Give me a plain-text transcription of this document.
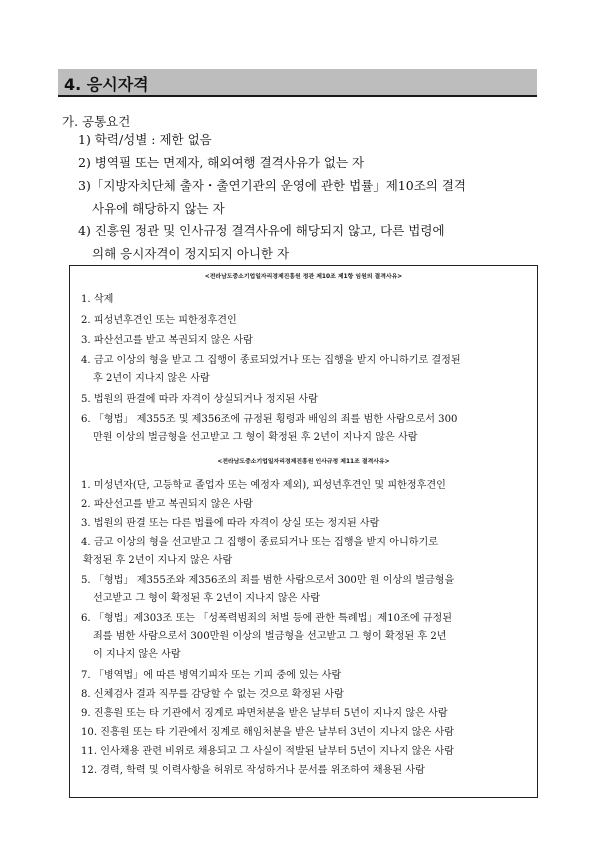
4. 응시자격
가. 공통요건
1) 학력/성별 : 제한 없음
2) 병역필 또는 면제자, 해외여행 결격사유가 없는 자
3)「지방자치단체 출자・출연기관의 운영에 관한 법률」제10조의 결격
사유에 해당하지 않는 자
4) 진흥원 정관 및 인사규정 결격사유에 해당되지 않고, 다른 법령에
의해 응시자격이 정지되지 아니한 자
<전라남도중소기업일자리경제진흥원 정관 제10조 제1항 임원의 결격사유>
1. 삭제
2. 피성년후견인 또는 피한정후견인
3. 파산선고를 받고 복권되지 않은 사람
4. 금고 이상의 형을 받고 그 집행이 종료되었거나 또는 집행을 받지 아니하기로 결정된
후 2년이 지나지 않은 사람
5. 법원의 판결에 따라 자격이 상실되거나 정지된 사람
6. 「형법」 제355조 및 제356조에 규정된 횡령과 배임의 죄를 범한 사람으로서 300
만원 이상의 벌금형을 선고받고 그 형이 확정된 후 2년이 지나지 않은 사람
<전라남도중소기업일자리경제진흥원 인사규정 제11조 결격사유>
1. 미성년자(단, 고등학교 졸업자 또는 예정자 제외), 피성년후견인 및 피한정후견인
2. 파산선고를 받고 복권되지 않은 사람
3. 법원의 판결 또는 다른 법률에 따라 자격이 상실 또는 정지된 사람
4. 금고 이상의 형을 선고받고 그 집행이 종료되거나 또는 집행을 받지 아니하기로
확정된 후 2년이 지나지 않은 사람
5. 「형법」 제355조와 제356조의 죄를 범한 사람으로서 300만 원 이상의 벌금형을
선고받고 그 형이 확정된 후 2년이 지나지 않은 사람
6. 「형법」제303조 또는 「성폭력범죄의 처벌 등에 관한 특례법」제10조에 규정된
죄를 범한 사람으로서 300만원 이상의 벌금형을 선고받고 그 형이 확정된 후 2년
이 지나지 않은 사람
7. 「병역법」에 따른 병역기피자 또는 기피 중에 있는 사람
8. 신체검사 결과 직무를 감당할 수 없는 것으로 확정된 사람
9. 진흥원 또는 타 기관에서 징계로 파면처분을 받은 날부터 5년이 지나지 않은 사람
10. 진흥원 또는 타 기관에서 징계로 해임처분을 받은 날부터 3년이 지나지 않은 사람
11. 인사채용 관련 비위로 채용되고 그 사실이 적발된 날부터 5년이 지나지 않은 사람
12. 경력, 학력 및 이력사항을 허위로 작성하거나 문서를 위조하여 채용된 사람
